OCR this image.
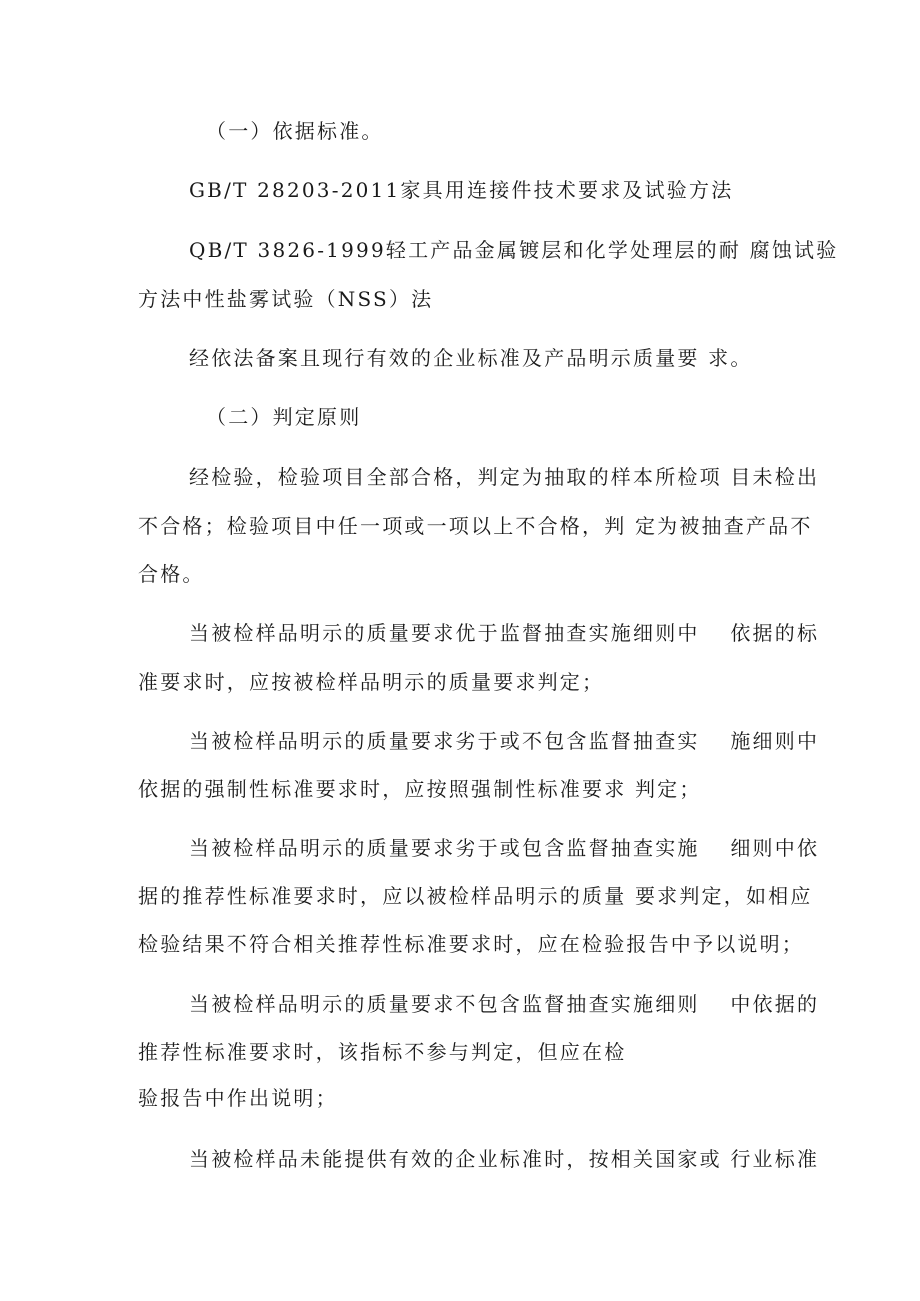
（一）依据标准。
GB/T 28203-2011家具用连接件技术要求及试验方法
QB/T 3826-1999轻工产品金属镀层和化学处理层的耐 腐蚀试验
方法中性盐雾试验（NSS）法
经依法备案且现行有效的企业标准及产品明示质量要 求。
（二）判定原则
经检验，检验项目全部合格，判定为抽取的样本所检项 目未检出
不合格；检验项目中任一项或一项以上不合格，判 定为被抽查产品不
合格。
当被检样品明示的质量要求优于监督抽查实施细则中　 依据的标
准要求时，应按被检样品明示的质量要求判定；
当被检样品明示的质量要求劣于或不包含监督抽查实　 施细则中
依据的强制性标准要求时，应按照强制性标准要求 判定；
当被检样品明示的质量要求劣于或包含监督抽查实施　 细则中依
据的推荐性标准要求时，应以被检样品明示的质量 要求判定，如相应
检验结果不符合相关推荐性标准要求时，应在检验报告中予以说明；
当被检样品明示的质量要求不包含监督抽查实施细则　 中依据的
推荐性标准要求时，该指标不参与判定，但应在检
验报告中作出说明；
当被检样品未能提供有效的企业标准时，按相关国家或 行业标准
